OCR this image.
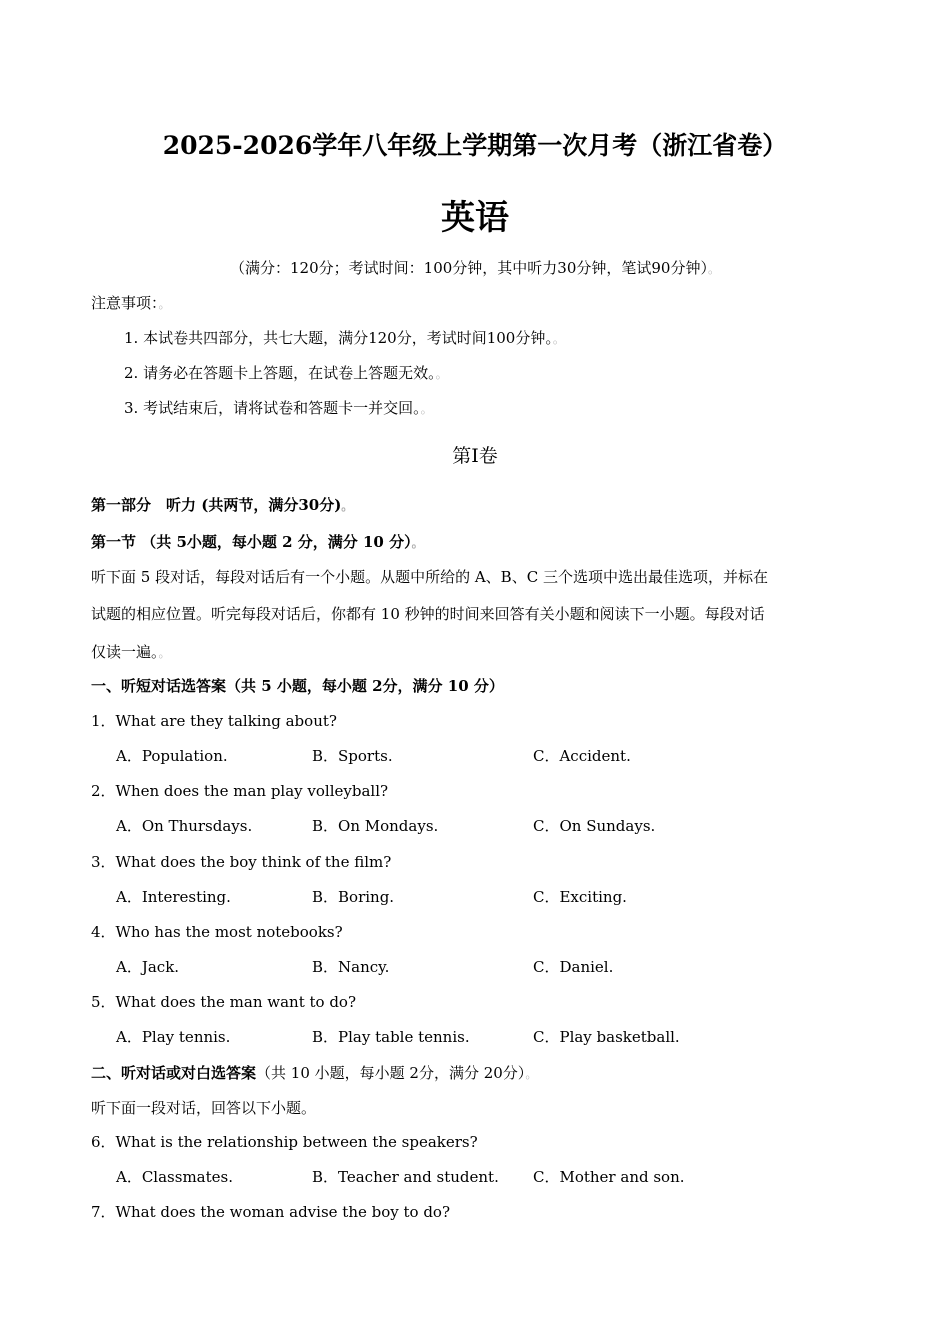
2025-2026学年八年级上学期第一次月考（浙江省卷）
英语
（满分：120分；考试时间：100分钟，其中听力30分钟，笔试90分钟）。
注意事项：。
1. 本试卷共四部分，共七大题，满分120分，考试时间100分钟。。
2. 请务必在答题卡上答题，在试卷上答题无效。。
3. 考试结束后，请将试卷和答题卡一并交回。。
第I卷
第一部分　听力 (共两节，满分30分)。
第一节 （共 5小题，每小题 2 分，满分 10 分）。
听下面 5 段对话，每段对话后有一个小题。从题中所给的 A、B、C 三个选项中选出最佳选项，并标在
试题的相应位置。听完每段对话后，你都有 10 秒钟的时间来回答有关小题和阅读下一小题。每段对话
仅读一遍。。
一、听短对话选答案（共 5 小题，每小题 2分，满分 10 分）
1．What are they talking about?
A．Population.	B．Sports.	C．Accident.
2．When does the man play volleyball?
A．On Thursdays.	B．On Mondays.	C．On Sundays.
3．What does the boy think of the film?
A．Interesting.	B．Boring.	C．Exciting.
4．Who has the most notebooks?
A．Jack.	B．Nancy.	C．Daniel.
5．What does the man want to do?
A．Play tennis.	B．Play table tennis.	C．Play basketball.
二、听对话或对白选答案（共 10 小题，每小题 2分，满分 20分）。
听下面一段对话，回答以下小题。
6．What is the relationship between the speakers?
A．Classmates.	B．Teacher and student. C．Mother and son.
7．What does the woman advise the boy to do?
